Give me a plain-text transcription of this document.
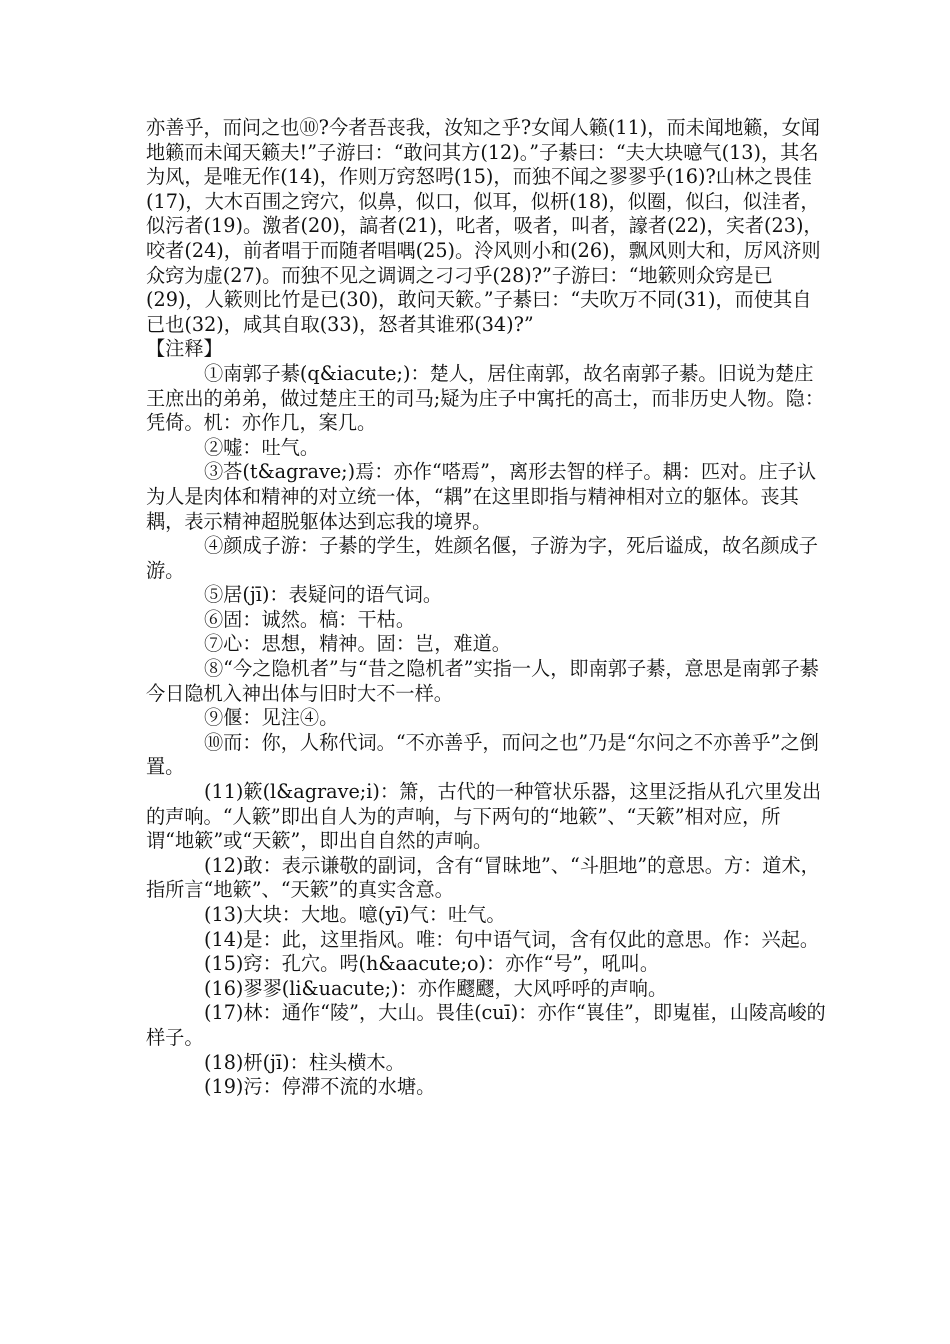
亦善乎，而问之也⑩?今者吾丧我，汝知之乎?女闻人籁(11)，而未闻地籁，女闻地籁而未闻天籁夫!”子游曰：“敢问其方(12)。”子綦曰：“夫大块噫气(13)，其名为风，是唯无作(14)，作则万窍怒呺(15)，而独不闻之翏翏乎(16)?山林之畏佳(17)，大木百围之窍穴，似鼻，似口，似耳，似枅(18)，似圈，似臼，似洼者，似污者(19)。激者(20)，謞者(21)，叱者，吸者，叫者，譹者(22)，宎者(23)，咬者(24)，前者唱于而随者唱喁(25)。泠风则小和(26)，飘风则大和，厉风济则众窍为虚(27)。而独不见之调调之刁刁乎(28)?”子游曰：“地簌则众窍是已(29)，人簌则比竹是已(30)，敢问天簌。”子綦曰：“夫吹万不同(31)，而使其自已也(32)，咸其自取(33)，怒者其谁邪(34)?”

【注释】

①南郭子綦(q&iacute;)：楚人，居住南郭，故名南郭子綦。旧说为楚庄王庶出的弟弟，做过楚庄王的司马;疑为庄子中寓托的高士，而非历史人物。隐：凭倚。机：亦作几，案几。

②嘘：吐气。

③荅(t&agrave;)焉：亦作“嗒焉”，离形去智的样子。耦：匹对。庄子认为人是肉体和精神的对立统一体，“耦”在这里即指与精神相对立的躯体。丧其耦，表示精神超脱躯体达到忘我的境界。

④颜成子游：子綦的学生，姓颜名偃，子游为字，死后谥成，故名颜成子游。

⑤居(jī)：表疑问的语气词。

⑥固：诚然。槁：干枯。

⑦心：思想，精神。固：岂，难道。

⑧“今之隐机者”与“昔之隐机者”实指一人，即南郭子綦，意思是南郭子綦今日隐机入神出体与旧时大不一样。

⑨偃：见注④。

⑩而：你，人称代词。“不亦善乎，而问之也”乃是“尔问之不亦善乎”之倒置。

(11)簌(l&agrave;i)：箫，古代的一种管状乐器，这里泛指从孔穴里发出的声响。“人簌”即出自人为的声响，与下两句的“地簌”、“天簌”相对应，所谓“地簌”或“天簌”，即出自自然的声响。

(12)敢：表示谦敬的副词，含有“冒昧地”、“斗胆地”的意思。方：道术，指所言“地簌”、“天簌”的真实含意。

(13)大块：大地。噫(yī)气：吐气。

(14)是：此，这里指风。唯：句中语气词，含有仅此的意思。作：兴起。

(15)窍：孔穴。呺(h&aacute;o)：亦作“号”，吼叫。

(16)翏翏(li&uacute;)：亦作飂飂，大风呼呼的声响。

(17)林：通作“陵”，大山。畏佳(cuī)：亦作“嵔佳”，即嵬崔，山陵高峻的样子。

(18)枅(jī)：柱头横木。

(19)污：停滞不流的水塘。
